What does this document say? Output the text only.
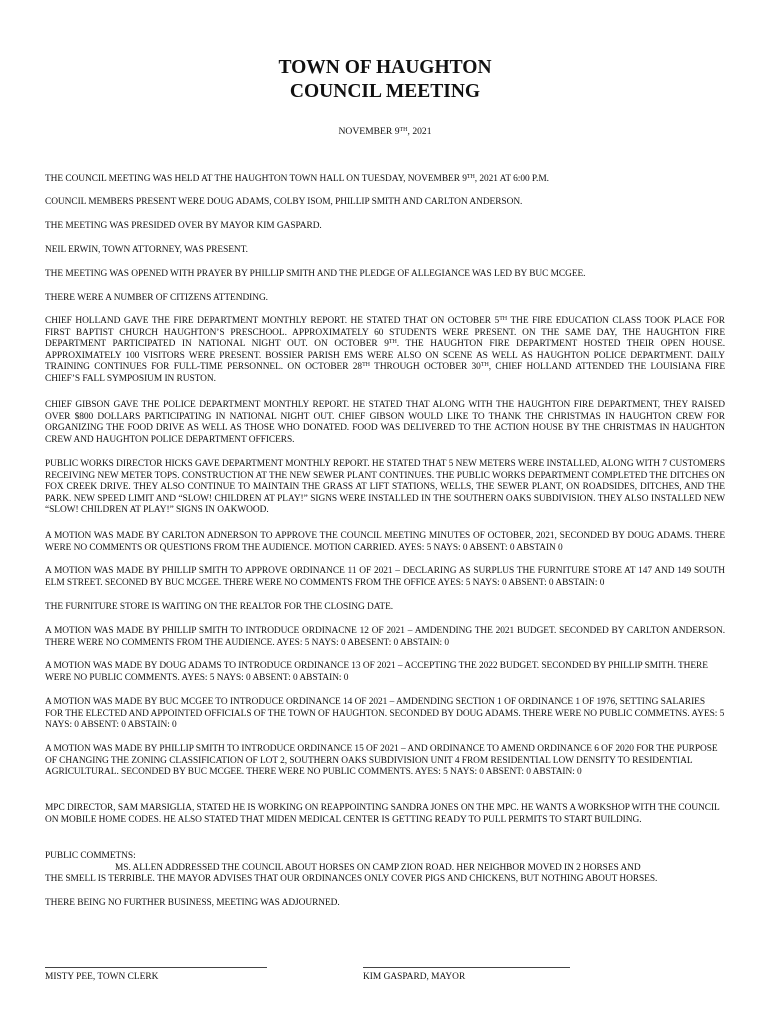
TOWN OF HAUGHTON
COUNCIL MEETING
NOVEMBER 9TH, 2021
THE COUNCIL MEETING WAS HELD AT THE HAUGHTON TOWN HALL ON TUESDAY, NOVEMBER 9TH, 2021 AT 6:00 P.M.
COUNCIL MEMBERS PRESENT WERE DOUG ADAMS, COLBY ISOM, PHILLIP SMITH AND CARLTON ANDERSON.
THE MEETING WAS PRESIDED OVER BY MAYOR KIM GASPARD.
NEIL ERWIN, TOWN ATTORNEY, WAS PRESENT.
THE MEETING WAS OPENED WITH PRAYER BY PHILLIP SMITH AND THE PLEDGE OF ALLEGIANCE WAS LED BY BUC MCGEE.
THERE WERE A NUMBER OF CITIZENS ATTENDING.
CHIEF HOLLAND GAVE THE FIRE DEPARTMENT MONTHLY REPORT. HE STATED THAT ON OCTOBER 5TH THE FIRE EDUCATION CLASS TOOK PLACE FOR FIRST BAPTIST CHURCH HAUGHTON’S PRESCHOOL. APPROXIMATELY 60 STUDENTS WERE PRESENT. ON THE SAME DAY, THE HAUGHTON FIRE DEPARTMENT PARTICIPATED IN NATIONAL NIGHT OUT. ON OCTOBER 9TH. THE HAUGHTON FIRE DEPARTMENT HOSTED THEIR OPEN HOUSE. APPROXIMATELY 100 VISITORS WERE PRESENT. BOSSIER PARISH EMS WERE ALSO ON SCENE AS WELL AS HAUGHTON POLICE DEPARTMENT. DAILY TRAINING CONTINUES FOR FULL-TIME PERSONNEL. ON OCTOBER 28TH THROUGH OCTOBER 30TH, CHIEF HOLLAND ATTENDED THE LOUISIANA FIRE CHIEF’S FALL SYMPOSIUM IN RUSTON.
CHIEF GIBSON GAVE THE POLICE DEPARTMENT MONTHLY REPORT. HE STATED THAT ALONG WITH THE HAUGHTON FIRE DEPARTMENT, THEY RAISED OVER $800 DOLLARS PARTICIPATING IN NATIONAL NIGHT OUT. CHIEF GIBSON WOULD LIKE TO THANK THE CHRISTMAS IN HAUGHTON CREW FOR ORGANIZING THE FOOD DRIVE AS WELL AS THOSE WHO DONATED. FOOD WAS DELIVERED TO THE ACTION HOUSE BY THE CHRISTMAS IN HAUGHTON CREW AND HAUGHTON POLICE DEPARTMENT OFFICERS.
PUBLIC WORKS DIRECTOR HICKS GAVE DEPARTMENT MONTHLY REPORT. HE STATED THAT 5 NEW METERS WERE INSTALLED, ALONG WITH 7 CUSTOMERS RECEIVING NEW METER TOPS. CONSTRUCTION AT THE NEW SEWER PLANT CONTINUES. THE PUBLIC WORKS DEPARTMENT COMPLETED THE DITCHES ON FOX CREEK DRIVE. THEY ALSO CONTINUE TO MAINTAIN THE GRASS AT LIFT STATIONS, WELLS, THE SEWER PLANT, ON ROADSIDES, DITCHES, AND THE PARK. NEW SPEED LIMIT AND “SLOW! CHILDREN AT PLAY!” SIGNS WERE INSTALLED IN THE SOUTHERN OAKS SUBDIVISION. THEY ALSO INSTALLED NEW “SLOW! CHILDREN AT PLAY!” SIGNS IN OAKWOOD.
A MOTION WAS MADE BY CARLTON ADNERSON TO APPROVE THE COUNCIL MEETING MINUTES OF OCTOBER, 2021, SECONDED BY DOUG ADAMS. THERE WERE NO COMMENTS OR QUESTIONS FROM THE AUDIENCE. MOTION CARRIED. AYES: 5 NAYS: 0 ABSENT: 0 ABSTAIN 0
A MOTION WAS MADE BY PHILLIP SMITH TO APPROVE ORDINANCE 11 OF 2021 – DECLARING AS SURPLUS THE FURNITURE STORE AT 147 AND 149 SOUTH ELM STREET. SECONED BY BUC MCGEE. THERE WERE NO COMMENTS FROM THE OFFICE AYES: 5 NAYS: 0 ABSENT: 0 ABSTAIN: 0
THE FURNITURE STORE IS WAITING ON THE REALTOR FOR THE CLOSING DATE.
A MOTION WAS MADE BY PHILLIP SMITH TO INTRODUCE ORDINACNE 12 OF 2021 – AMDENDING THE 2021 BUDGET. SECONDED BY CARLTON ANDERSON. THERE WERE NO COMMENTS FROM THE AUDIENCE. AYES: 5 NAYS: 0 ABESENT: 0 ABSTAIN: 0
A MOTION WAS MADE BY DOUG ADAMS TO INTRODUCE ORDINANCE 13 OF 2021 – ACCEPTING THE 2022 BUDGET. SECONDED BY PHILLIP SMITH. THERE WERE NO PUBLIC COMMENTS. AYES: 5 NAYS: 0 ABSENT: 0 ABSTAIN: 0
A MOTION WAS MADE BY BUC MCGEE TO INTRODUCE ORDINANCE 14 OF 2021 – AMDENDING SECTION 1 OF ORDINANCE 1 OF 1976, SETTING SALARIES FOR THE ELECTED AND APPOINTED OFFICIALS OF THE TOWN OF HAUGHTON. SECONDED BY DOUG ADAMS. THERE WERE NO PUBLIC COMMETNS. AYES: 5 NAYS: 0 ABSENT: 0 ABSTAIN: 0
A MOTION WAS MADE BY PHILLIP SMITH TO INTRODUCE ORDINANCE 15 OF 2021 – AND ORDINANCE TO AMEND ORDINANCE 6 OF 2020 FOR THE PURPOSE OF CHANGING THE ZONING CLASSIFICATION OF LOT 2, SOUTHERN OAKS SUBDIVISION UNIT 4 FROM RESIDENTIAL LOW DENSITY TO RESIDENTIAL AGRICULTURAL. SECONDED BY BUC MCGEE. THERE WERE NO PUBLIC COMMENTS. AYES: 5 NAYS: 0 ABSENT: 0 ABSTAIN: 0
MPC DIRECTOR, SAM MARSIGLIA, STATED HE IS WORKING ON REAPPOINTING SANDRA JONES ON THE MPC. HE WANTS A WORKSHOP WITH THE COUNCIL ON MOBILE HOME CODES. HE ALSO STATED THAT MIDEN MEDICAL CENTER IS GETTING READY TO PULL PERMITS TO START BUILDING.
PUBLIC COMMETNS:
MS. ALLEN ADDRESSED THE COUNCIL ABOUT HORSES ON CAMP ZION ROAD. HER NEIGHBOR MOVED IN 2 HORSES AND
THE SMELL IS TERRIBLE. THE MAYOR ADVISES THAT OUR ORDINANCES ONLY COVER PIGS AND CHICKENS, BUT NOTHING ABOUT HORSES.
THERE BEING NO FURTHER BUSINESS, MEETING WAS ADJOURNED.
MISTY PEE, TOWN CLERK	KIM GASPARD, MAYOR
